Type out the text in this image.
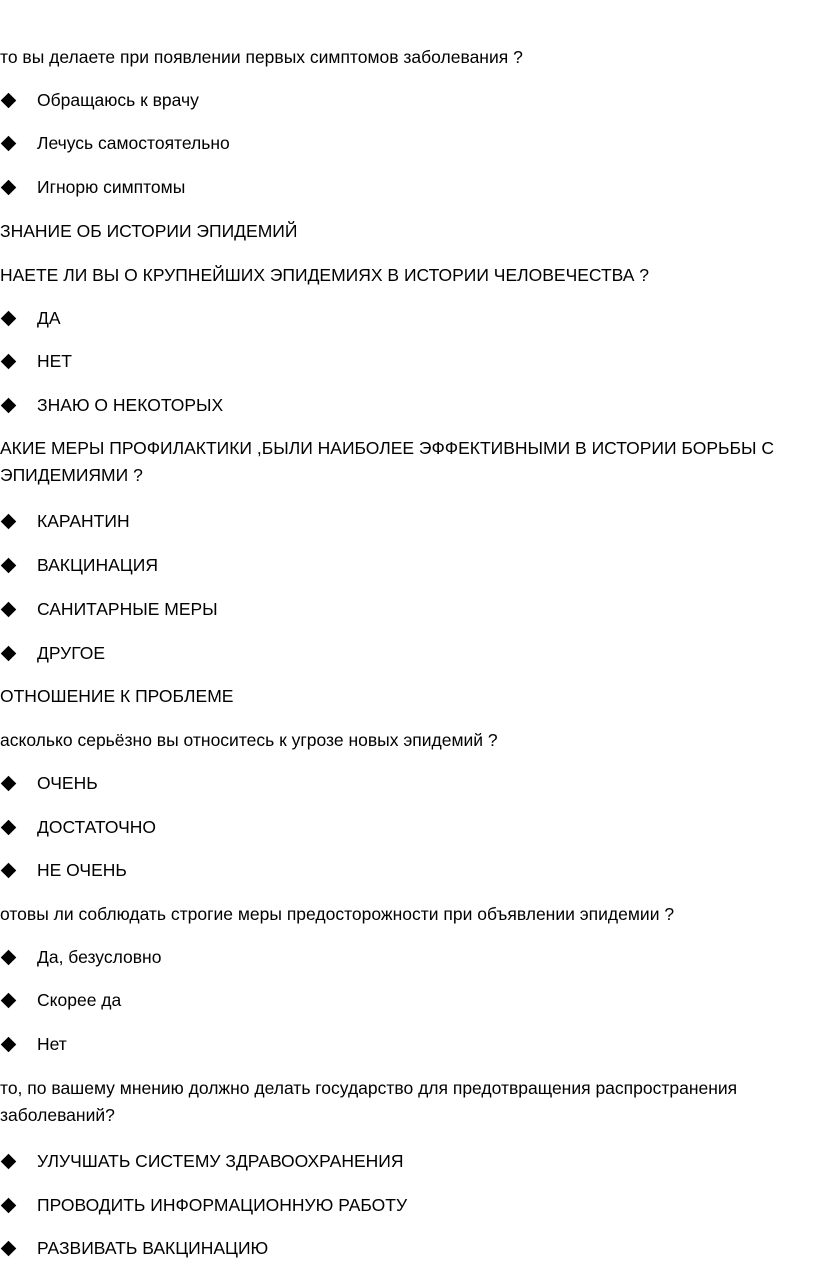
то вы делаете при появлении первых симптомов заболевания ?
Обращаюсь к врачу
Лечусь самостоятельно
Игнорю симптомы
ЗНАНИЕ ОБ ИСТОРИИ ЭПИДЕМИЙ
НАЕТЕ ЛИ ВЫ О КРУПНЕЙШИХ ЭПИДЕМИЯХ В ИСТОРИИ ЧЕЛОВЕЧЕСТВА ?
ДА
НЕТ
ЗНАЮ О НЕКОТОРЫХ
АКИЕ МЕРЫ ПРОФИЛАКТИКИ ,БЫЛИ НАИБОЛЕЕ ЭФФЕКТИВНЫМИ В ИСТОРИИ БОРЬБЫ С ЭПИДЕМИЯМИ ?
КАРАНТИН
ВАКЦИНАЦИЯ
САНИТАРНЫЕ МЕРЫ
ДРУГОЕ
ОТНОШЕНИЕ К ПРОБЛЕМЕ
асколько серьёзно вы относитесь к угрозе новых эпидемий ?
ОЧЕНЬ
ДОСТАТОЧНО
НЕ ОЧЕНЬ
отовы ли соблюдать строгие меры предосторожности при объявлении эпидемии ?
Да, безусловно
Скорее да
Нет
то, по вашему мнению должно делать государство для предотвращения распространения заболеваний?
УЛУЧШАТЬ СИСТЕМУ ЗДРАВООХРАНЕНИЯ
ПРОВОДИТЬ ИНФОРМАЦИОННУЮ РАБОТУ
РАЗВИВАТЬ ВАКЦИНАЦИЮ
